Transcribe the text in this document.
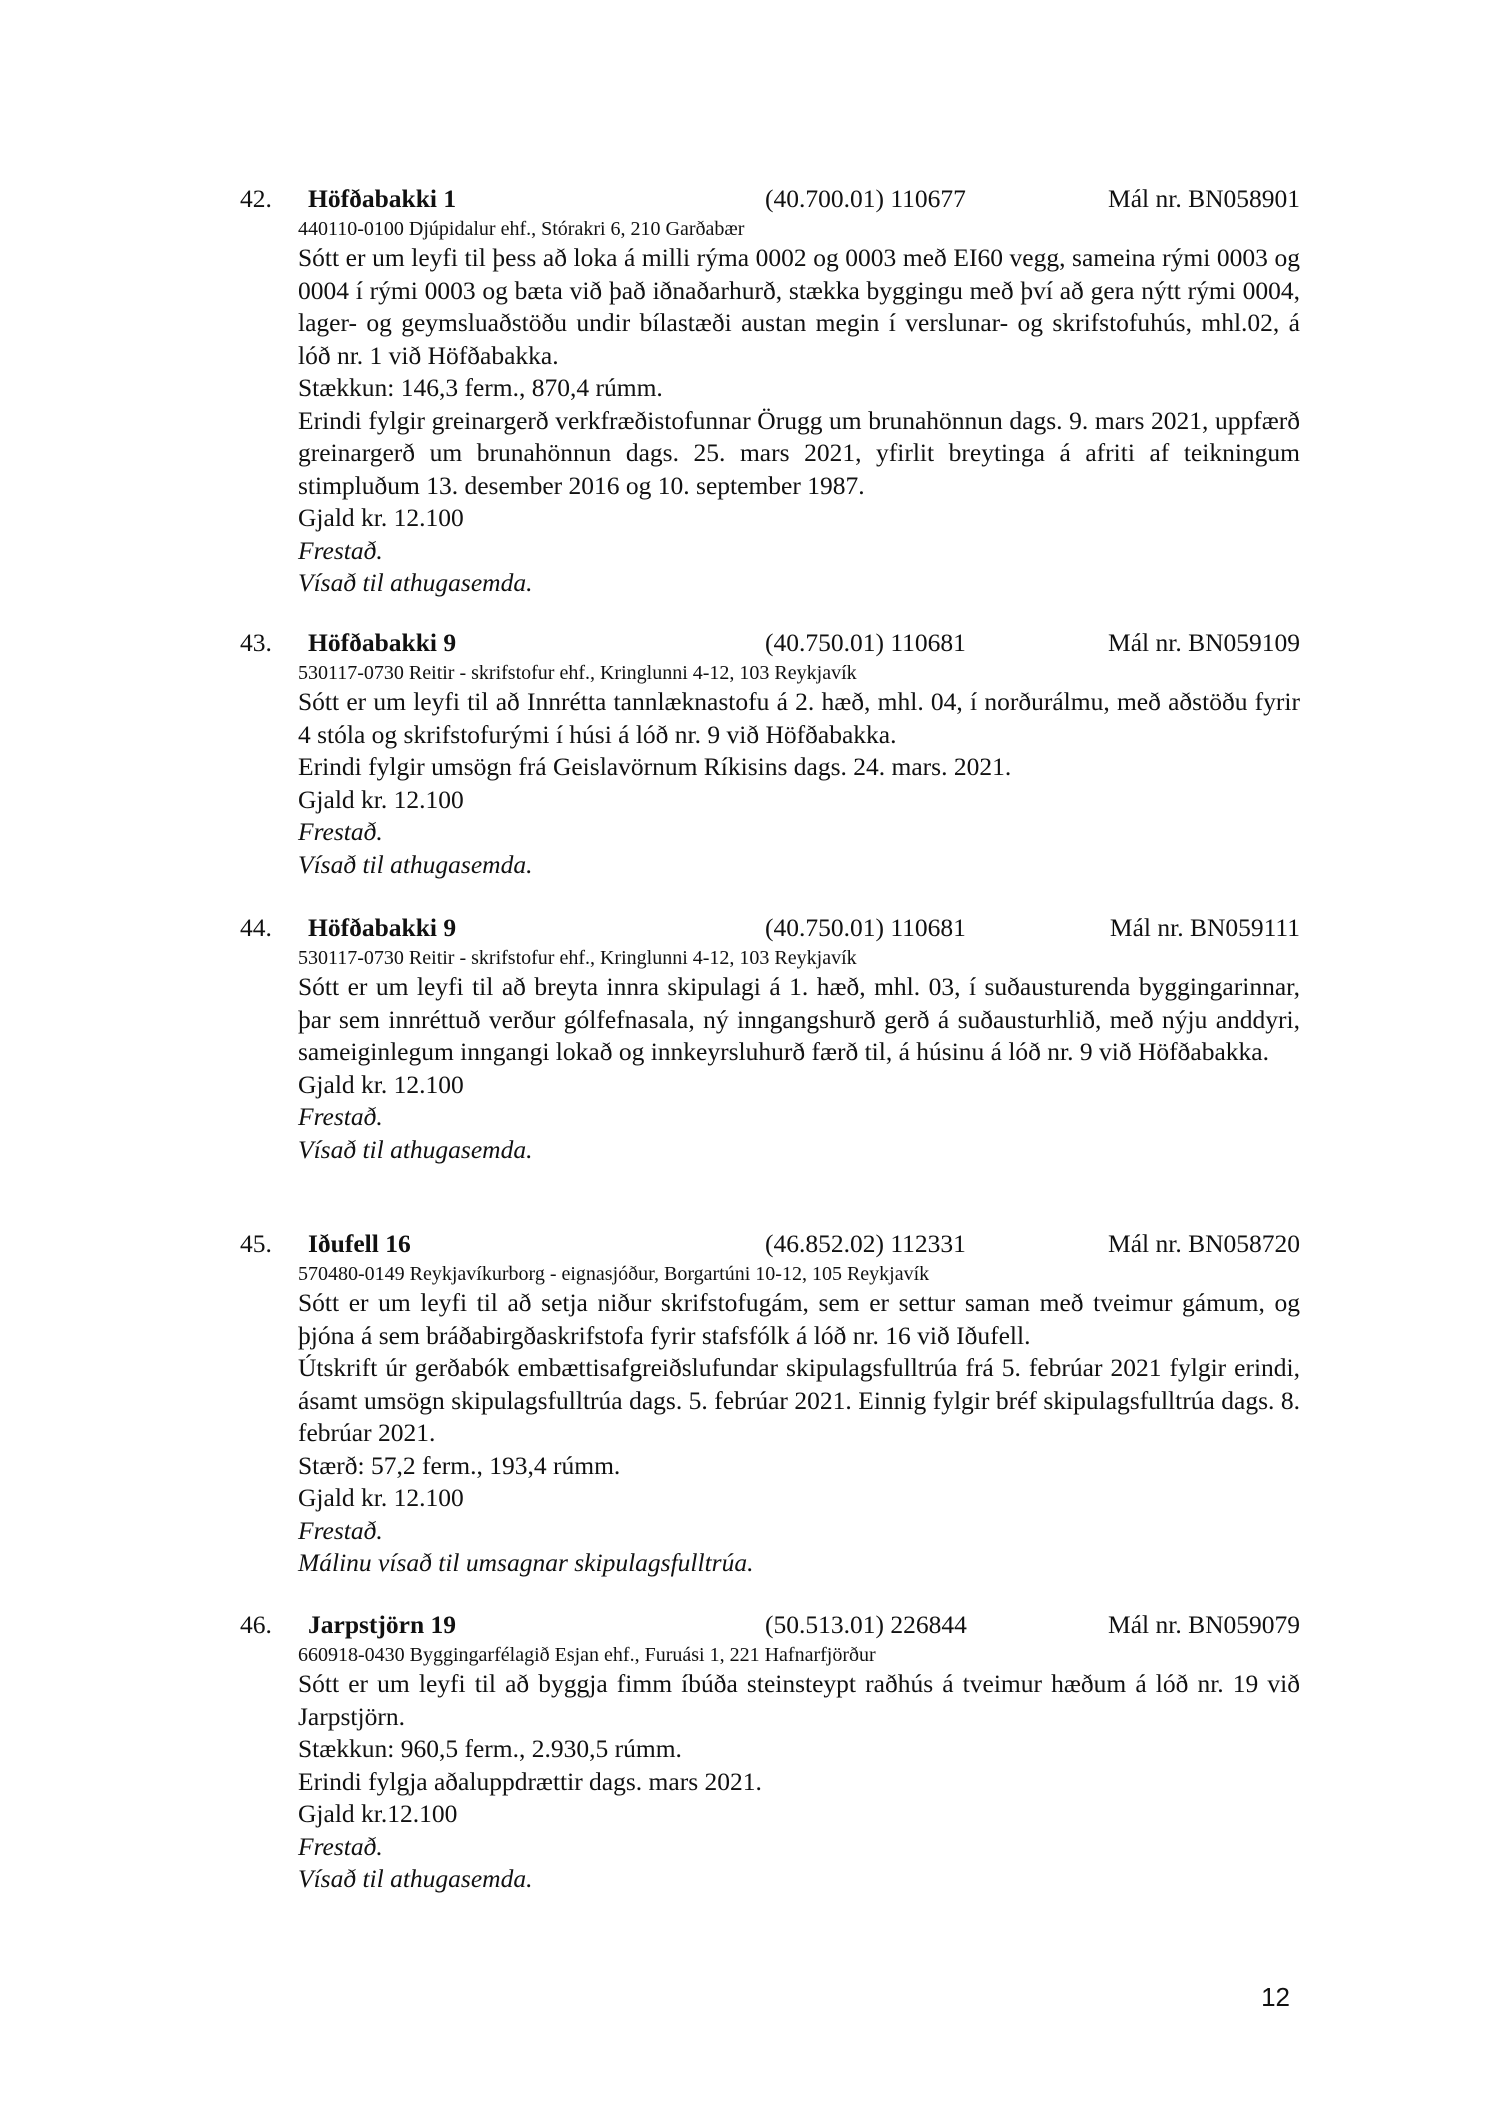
42. Höfðabakki 1	(40.700.01) 110677	Mál nr. BN058901

440110-0100 Djúpidalur ehf., Stórakri 6, 210 Garðabær

Sótt er um leyfi til þess að loka á milli rýma 0002 og 0003 með EI60 vegg, sameina rými 0003 og 0004 í rými 0003 og bæta við það iðnaðarhurð, stækka byggingu með því að gera nýtt rými 0004, lager- og geymsluaðstöðu undir bílastæði austan megin í verslunar- og skrifstofuhús, mhl.02, á lóð nr. 1 við Höfðabakka.

Stækkun: 146,3 ferm., 870,4 rúmm.

Erindi fylgir greinargerð verkfræðistofunnar Örugg um brunahönnun dags. 9. mars 2021, uppfærð greinargerð um brunahönnun dags. 25. mars 2021, yfirlit breytinga á afriti af teikningum stimpluðum 13. desember 2016 og 10. september 1987.

Gjald kr. 12.100

Frestað.

Vísað til athugasemda.

43. Höfðabakki 9	(40.750.01) 110681	Mál nr. BN059109

530117-0730 Reitir - skrifstofur ehf., Kringlunni 4-12, 103 Reykjavík

Sótt er um leyfi til að Innrétta tannlæknastofu á 2. hæð, mhl. 04, í norðurálmu, með aðstöðu fyrir 4 stóla og skrifstofurými í húsi á lóð nr. 9 við Höfðabakka.

Erindi fylgir umsögn frá Geislavörnum Ríkisins dags. 24. mars. 2021.

Gjald kr. 12.100

Frestað.

Vísað til athugasemda.

44. Höfðabakki 9	(40.750.01) 110681	Mál nr. BN059111

530117-0730 Reitir - skrifstofur ehf., Kringlunni 4-12, 103 Reykjavík

Sótt er um leyfi til að breyta innra skipulagi á 1. hæð, mhl. 03, í suðausturenda byggingarinnar, þar sem innréttuð verður gólfefnasala, ný inngangshurð gerð á suðausturhlið, með nýju anddyri, sameiginlegum inngangi lokað og innkeyrsluhurð færð til, á húsinu á lóð nr. 9 við Höfðabakka.

Gjald kr. 12.100

Frestað.

Vísað til athugasemda.

45. Iðufell 16	(46.852.02) 112331	Mál nr. BN058720

570480-0149 Reykjavíkurborg - eignasjóður, Borgartúni 10-12, 105 Reykjavík

Sótt er um leyfi til að setja niður skrifstofugám, sem er settur saman með tveimur gámum, og þjóna á sem bráðabirgðaskrifstofa fyrir stafsfólk á lóð nr. 16 við Iðufell.

Útskrift úr gerðabók embættisafgreiðslufundar skipulagsfulltrúa frá 5. febrúar 2021 fylgir erindi, ásamt umsögn skipulagsfulltrúa dags. 5. febrúar 2021. Einnig fylgir bréf skipulagsfulltrúa dags. 8. febrúar 2021.

Stærð: 57,2 ferm., 193,4 rúmm.

Gjald kr. 12.100

Frestað.

Málinu vísað til umsagnar skipulagsfulltrúa.

46. Jarpstjörn 19	(50.513.01) 226844	Mál nr. BN059079

660918-0430 Byggingarfélagið Esjan ehf., Furuási 1, 221 Hafnarfjörður

Sótt er um leyfi til að byggja fimm íbúða steinsteypt raðhús á tveimur hæðum á lóð nr. 19 við Jarpstjörn.

Stækkun: 960,5 ferm., 2.930,5 rúmm.

Erindi fylgja aðaluppdrættir dags. mars 2021.

Gjald kr.12.100

Frestað.

Vísað til athugasemda.

12
